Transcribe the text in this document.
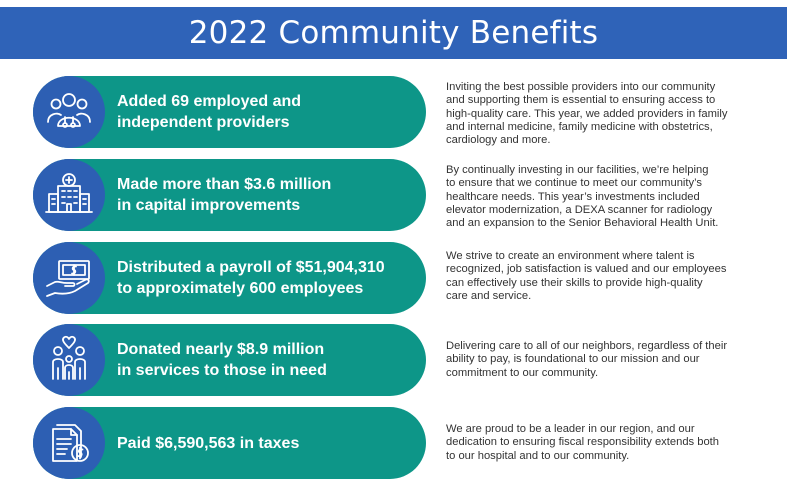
2022 Community Benefits
Added 69 employed and
independent providers
Inviting the best possible providers into our community
and supporting them is essential to ensuring access to
high-quality care. This year, we added providers in family
and internal medicine, family medicine with obstetrics,
cardiology and more.
Made more than $3.6 million
in capital improvements
By continually investing in our facilities, we’re helping
to ensure that we continue to meet our community’s
healthcare needs. This year’s investments included
elevator modernization, a DEXA scanner for radiology
and an expansion to the Senior Behavioral Health Unit.
Distributed a payroll of $51,904,310
to approximately 600 employees
We strive to create an environment where talent is
recognized, job satisfaction is valued and our employees
can effectively use their skills to provide high-quality
care and service.
Donated nearly $8.9 million
in services to those in need
Delivering care to all of our neighbors, regardless of their
ability to pay, is foundational to our mission and our
commitment to our community.
Paid $6,590,563 in taxes
We are proud to be a leader in our region, and our
dedication to ensuring fiscal responsibility extends both
to our hospital and to our community.
